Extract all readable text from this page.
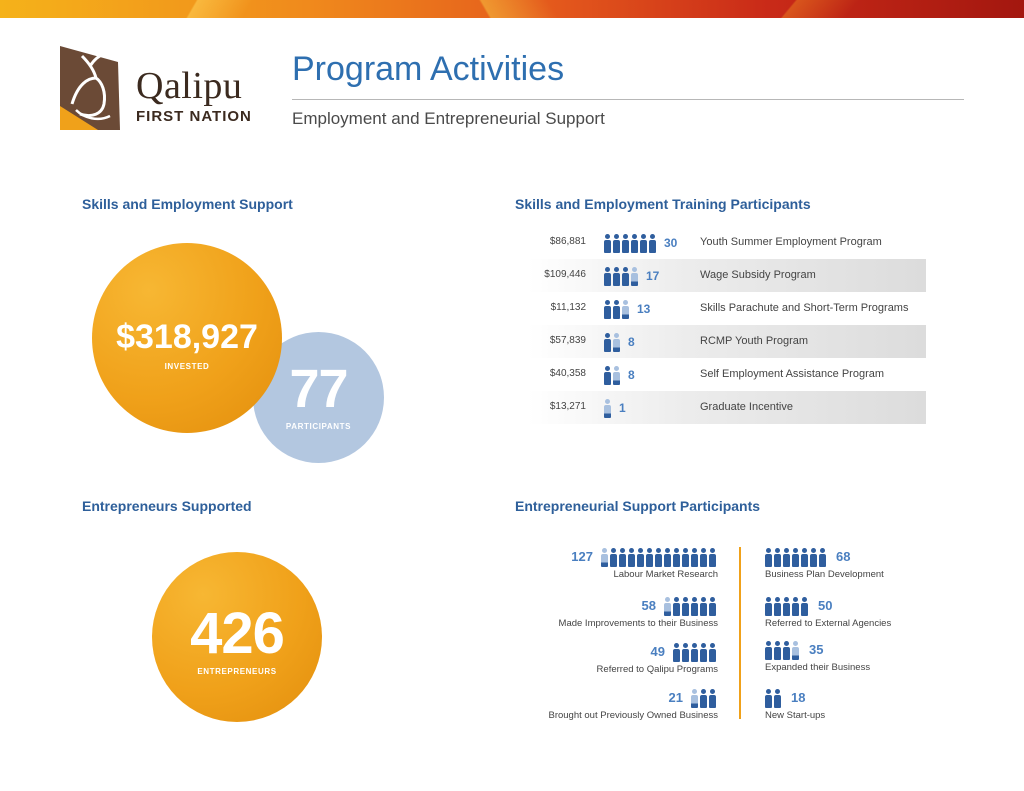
Qalipu
FIRST NATION
Program Activities
Employment and Entrepreneurial Support
Skills and Employment Support
77
PARTICIPANTS
$318,927
INVESTED
Skills and Employment Training Participants
$86,881	30 Youth Summer Employment Program
$109,446	17	Wage Subsidy Program
$11,132	13	Skills Parachute and Short-Term Programs
$57,839	8	RCMP Youth Program
$40,358	8	Self Employment Assistance Program
$13,271	1	Graduate Incentive
Entrepreneurs Supported
426
ENTREPRENEURS
Entrepreneurial Support Participants
127
Labour Market Research
58
Made Improvements to their Business
49
Referred to Qalipu Programs
21
Brought out Previously Owned Business
68
Business Plan Development
50
Referred to External Agencies
35
Expanded their Business
18
New Start-ups
